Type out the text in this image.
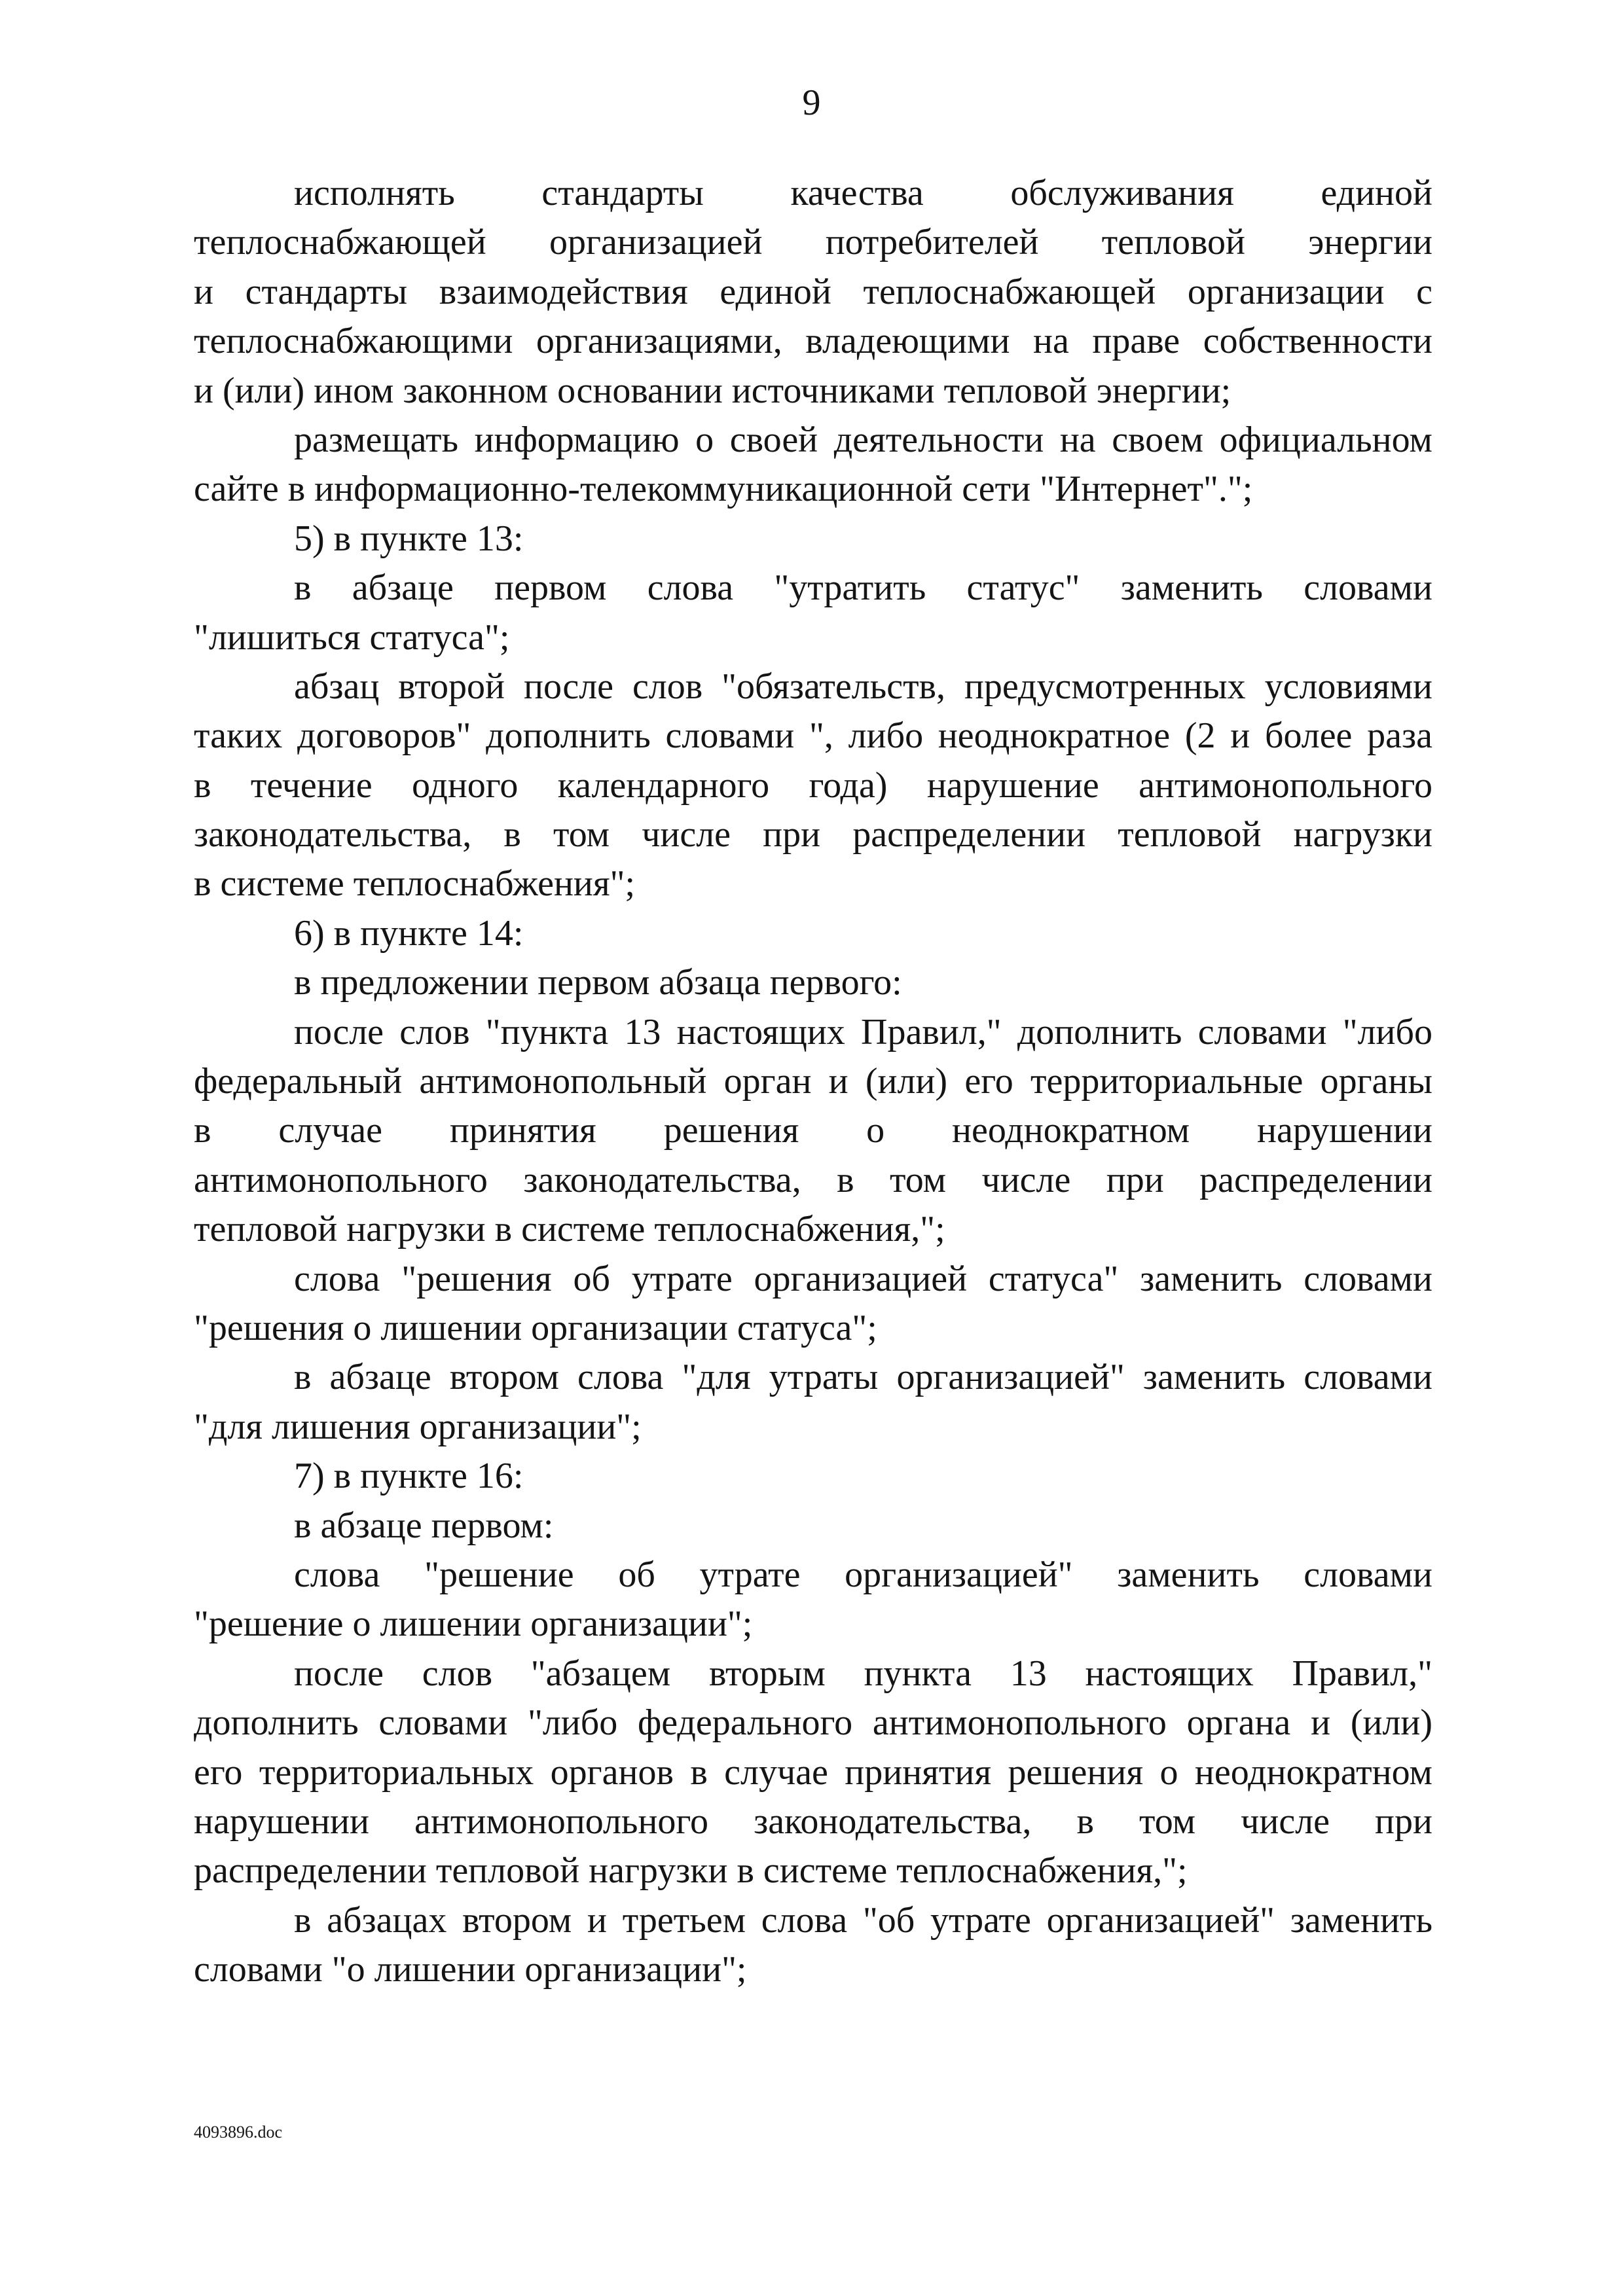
9
исполнять стандарты качества обслуживания единой
теплоснабжающей организацией потребителей тепловой энергии
и стандарты взаимодействия единой теплоснабжающей организации с
теплоснабжающими организациями, владеющими на праве собственности
и (или) ином законном основании источниками тепловой энергии;
размещать информацию о своей деятельности на своем официальном
сайте в информационно-телекоммуникационной сети "Интернет".";
5) в пункте 13:
в абзаце первом слова "утратить статус" заменить словами
"лишиться статуса";
абзац второй после слов "обязательств, предусмотренных условиями
таких договоров" дополнить словами ", либо неоднократное (2 и более раза
в течение одного календарного года) нарушение антимонопольного
законодательства, в том числе при распределении тепловой нагрузки
в системе теплоснабжения";
6) в пункте 14:
в предложении первом абзаца первого:
после слов "пункта 13 настоящих Правил," дополнить словами "либо
федеральный антимонопольный орган и (или) его территориальные органы
в случае принятия решения о неоднократном нарушении
антимонопольного законодательства, в том числе при распределении
тепловой нагрузки в системе теплоснабжения,";
слова "решения об утрате организацией статуса" заменить словами
"решения о лишении организации статуса";
в абзаце втором слова "для утраты организацией" заменить словами
"для лишения организации";
7) в пункте 16:
в абзаце первом:
слова "решение об утрате организацией" заменить словами
"решение о лишении организации";
после слов "абзацем вторым пункта 13 настоящих Правил,"
дополнить словами "либо федерального антимонопольного органа и (или)
его территориальных органов в случае принятия решения о неоднократном
нарушении антимонопольного законодательства, в том числе при
распределении тепловой нагрузки в системе теплоснабжения,";
в абзацах втором и третьем слова "об утрате организацией" заменить
словами "о лишении организации";
4093896.doc
